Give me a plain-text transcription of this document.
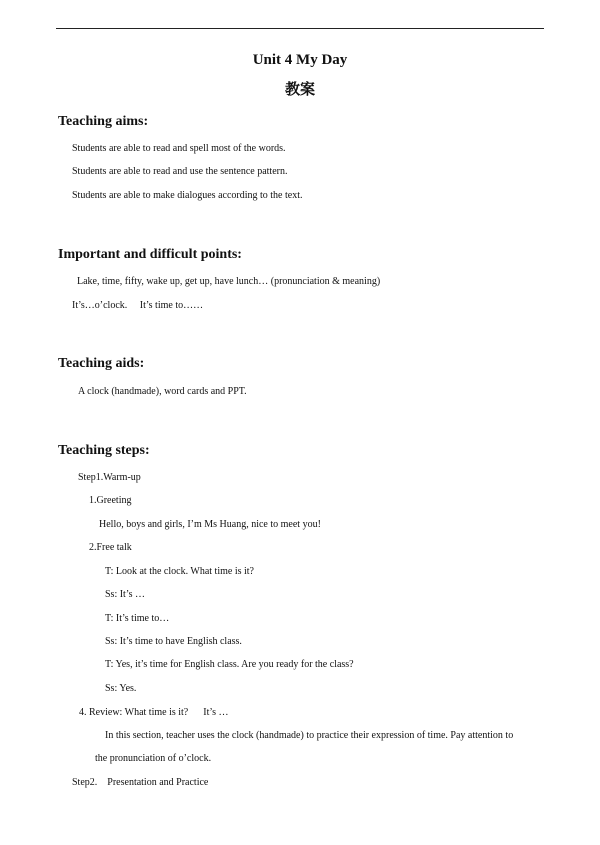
Unit 4 My Day
教案
Teaching aims:
Students are able to read and spell most of the words.
Students are able to read and use the sentence pattern.
Students are able to make dialogues according to the text.
Important and difficult points:
Lake, time, fifty, wake up, get up, have lunch… (pronunciation & meaning)
It’s…o’clock.     It’s time to……
Teaching aids:
A clock (handmade), word cards and PPT.
Teaching steps:
Step1.Warm-up
1.Greeting
Hello, boys and girls, I’m Ms Huang, nice to meet you!
2.Free talk
T: Look at the clock. What time is it?
Ss: It’s …
T: It’s time to…
Ss: It’s time to have English class.
T: Yes, it’s time for English class. Are you ready for the class?
Ss: Yes.
4. Review: What time is it?      It’s …
In this section, teacher uses the clock (handmade) to practice their expression of time. Pay attention to
the pronunciation of o’clock.
Step2.    Presentation and Practice
